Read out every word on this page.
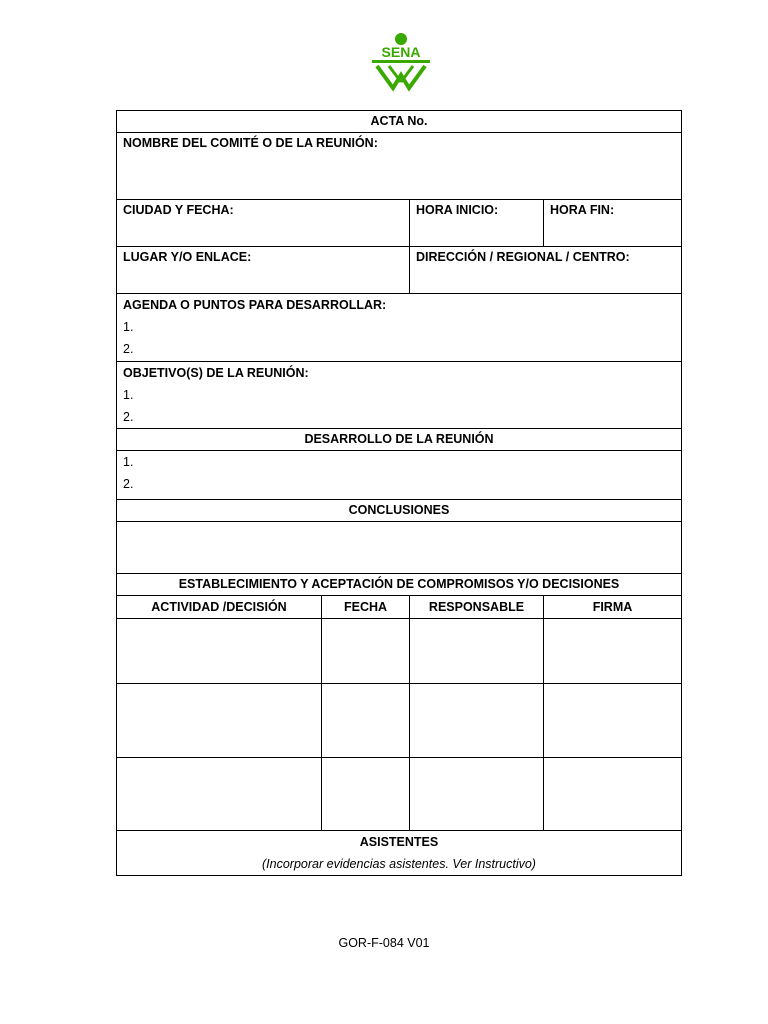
SENA
ACTA No.			
NOMBRE DEL COMITÉ O DE LA REUNIÓN:			
CIUDAD Y FECHA:		HORA INICIO:	HORA FIN:
LUGAR Y/O ENLACE:		DIRECCIÓN / REGIONAL / CENTRO:	

AGENDA O PUNTOS PARA DESARROLLAR:
1.
2.			

OBJETIVO(S) DE LA REUNIÓN:
1.
2.			

DESARROLLO DE LA REUNIÓN			

1.
2.			

CONCLUSIONES			

ESTABLECIMIENTO Y ACEPTACIÓN DE COMPROMISOS Y/O DECISIONES			
ACTIVIDAD /DECISIÓN	FECHA	RESPONSABLE	FIRMA

ASISTENTES
(Incorporar evidencias asistentes. Ver Instructivo)			
GOR-F-084 V01
